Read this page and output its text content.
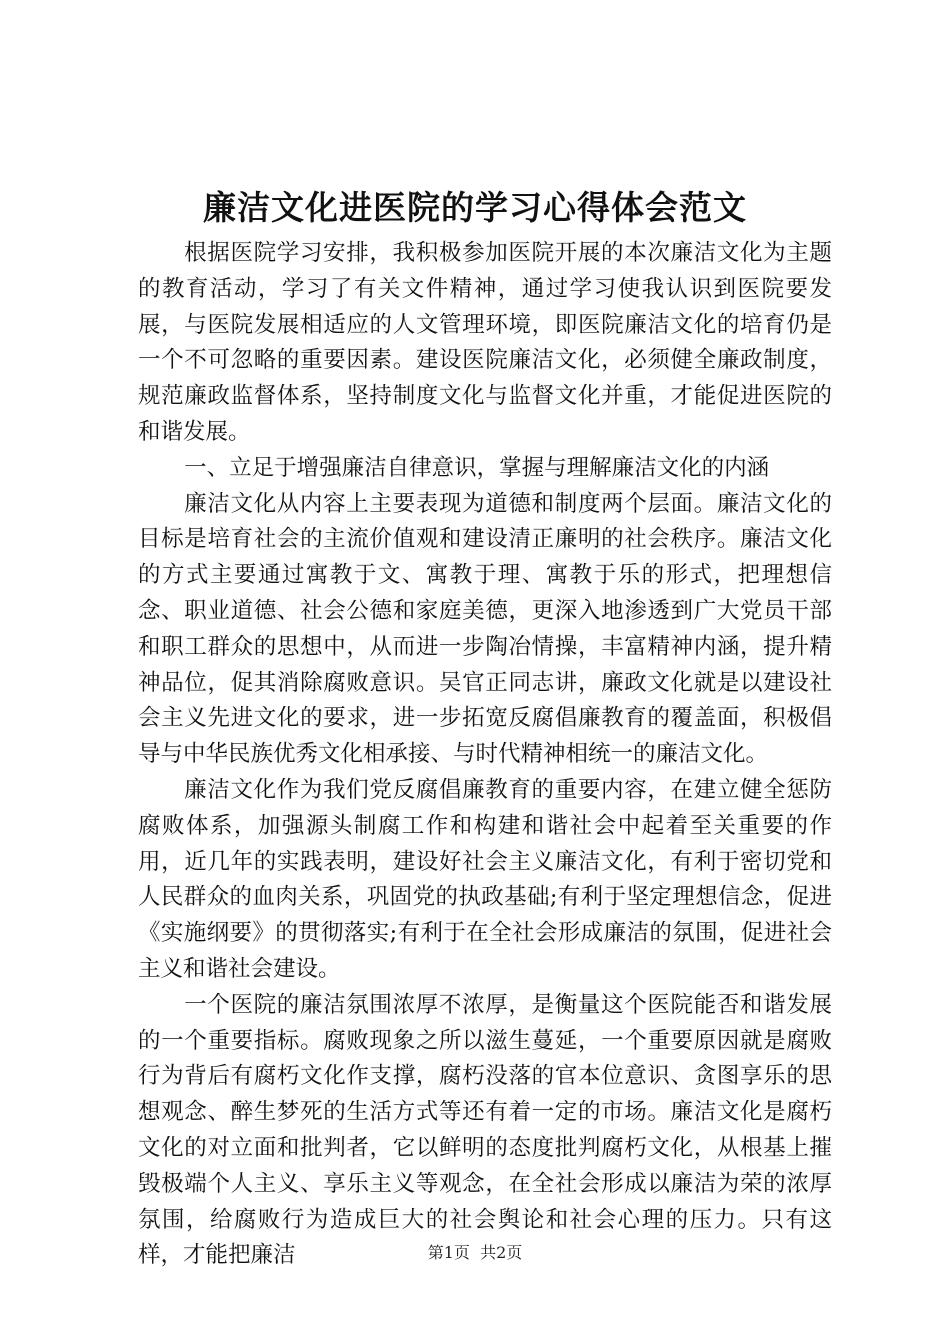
廉洁文化进医院的学习心得体会范文

根据医院学习安排，我积极参加医院开展的本次廉洁文化为主题的教育活动，学习了有关文件精神，通过学习使我认识到医院要发展，与医院发展相适应的人文管理环境，即医院廉洁文化的培育仍是一个不可忽略的重要因素。建设医院廉洁文化，必须健全廉政制度，规范廉政监督体系，坚持制度文化与监督文化并重，才能促进医院的和谐发展。

一、立足于增强廉洁自律意识，掌握与理解廉洁文化的内涵

廉洁文化从内容上主要表现为道德和制度两个层面。廉洁文化的目标是培育社会的主流价值观和建设清正廉明的社会秩序。廉洁文化的方式主要通过寓教于文、寓教于理、寓教于乐的形式，把理想信念、职业道德、社会公德和家庭美德，更深入地渗透到广大党员干部和职工群众的思想中，从而进一步陶冶情操，丰富精神内涵，提升精神品位，促其消除腐败意识。吴官正同志讲，廉政文化就是以建设社会主义先进文化的要求，进一步拓宽反腐倡廉教育的覆盖面，积极倡导与中华民族优秀文化相承接、与时代精神相统一的廉洁文化。

廉洁文化作为我们党反腐倡廉教育的重要内容，在建立健全惩防腐败体系，加强源头制腐工作和构建和谐社会中起着至关重要的作用，近几年的实践表明，建设好社会主义廉洁文化，有利于密切党和人民群众的血肉关系，巩固党的执政基础;有利于坚定理想信念，促进《实施纲要》的贯彻落实;有利于在全社会形成廉洁的氛围，促进社会主义和谐社会建设。

一个医院的廉洁氛围浓厚不浓厚，是衡量这个医院能否和谐发展的一个重要指标。腐败现象之所以滋生蔓延，一个重要原因就是腐败行为背后有腐朽文化作支撑，腐朽没落的官本位意识、贪图享乐的思想观念、醉生梦死的生活方式等还有着一定的市场。廉洁文化是腐朽文化的对立面和批判者，它以鲜明的态度批判腐朽文化，从根基上摧毁极端个人主义、享乐主义等观念，在全社会形成以廉洁为荣的浓厚氛围，给腐败行为造成巨大的社会舆论和社会心理的压力。只有这样，才能把廉洁	第1页 共2页
